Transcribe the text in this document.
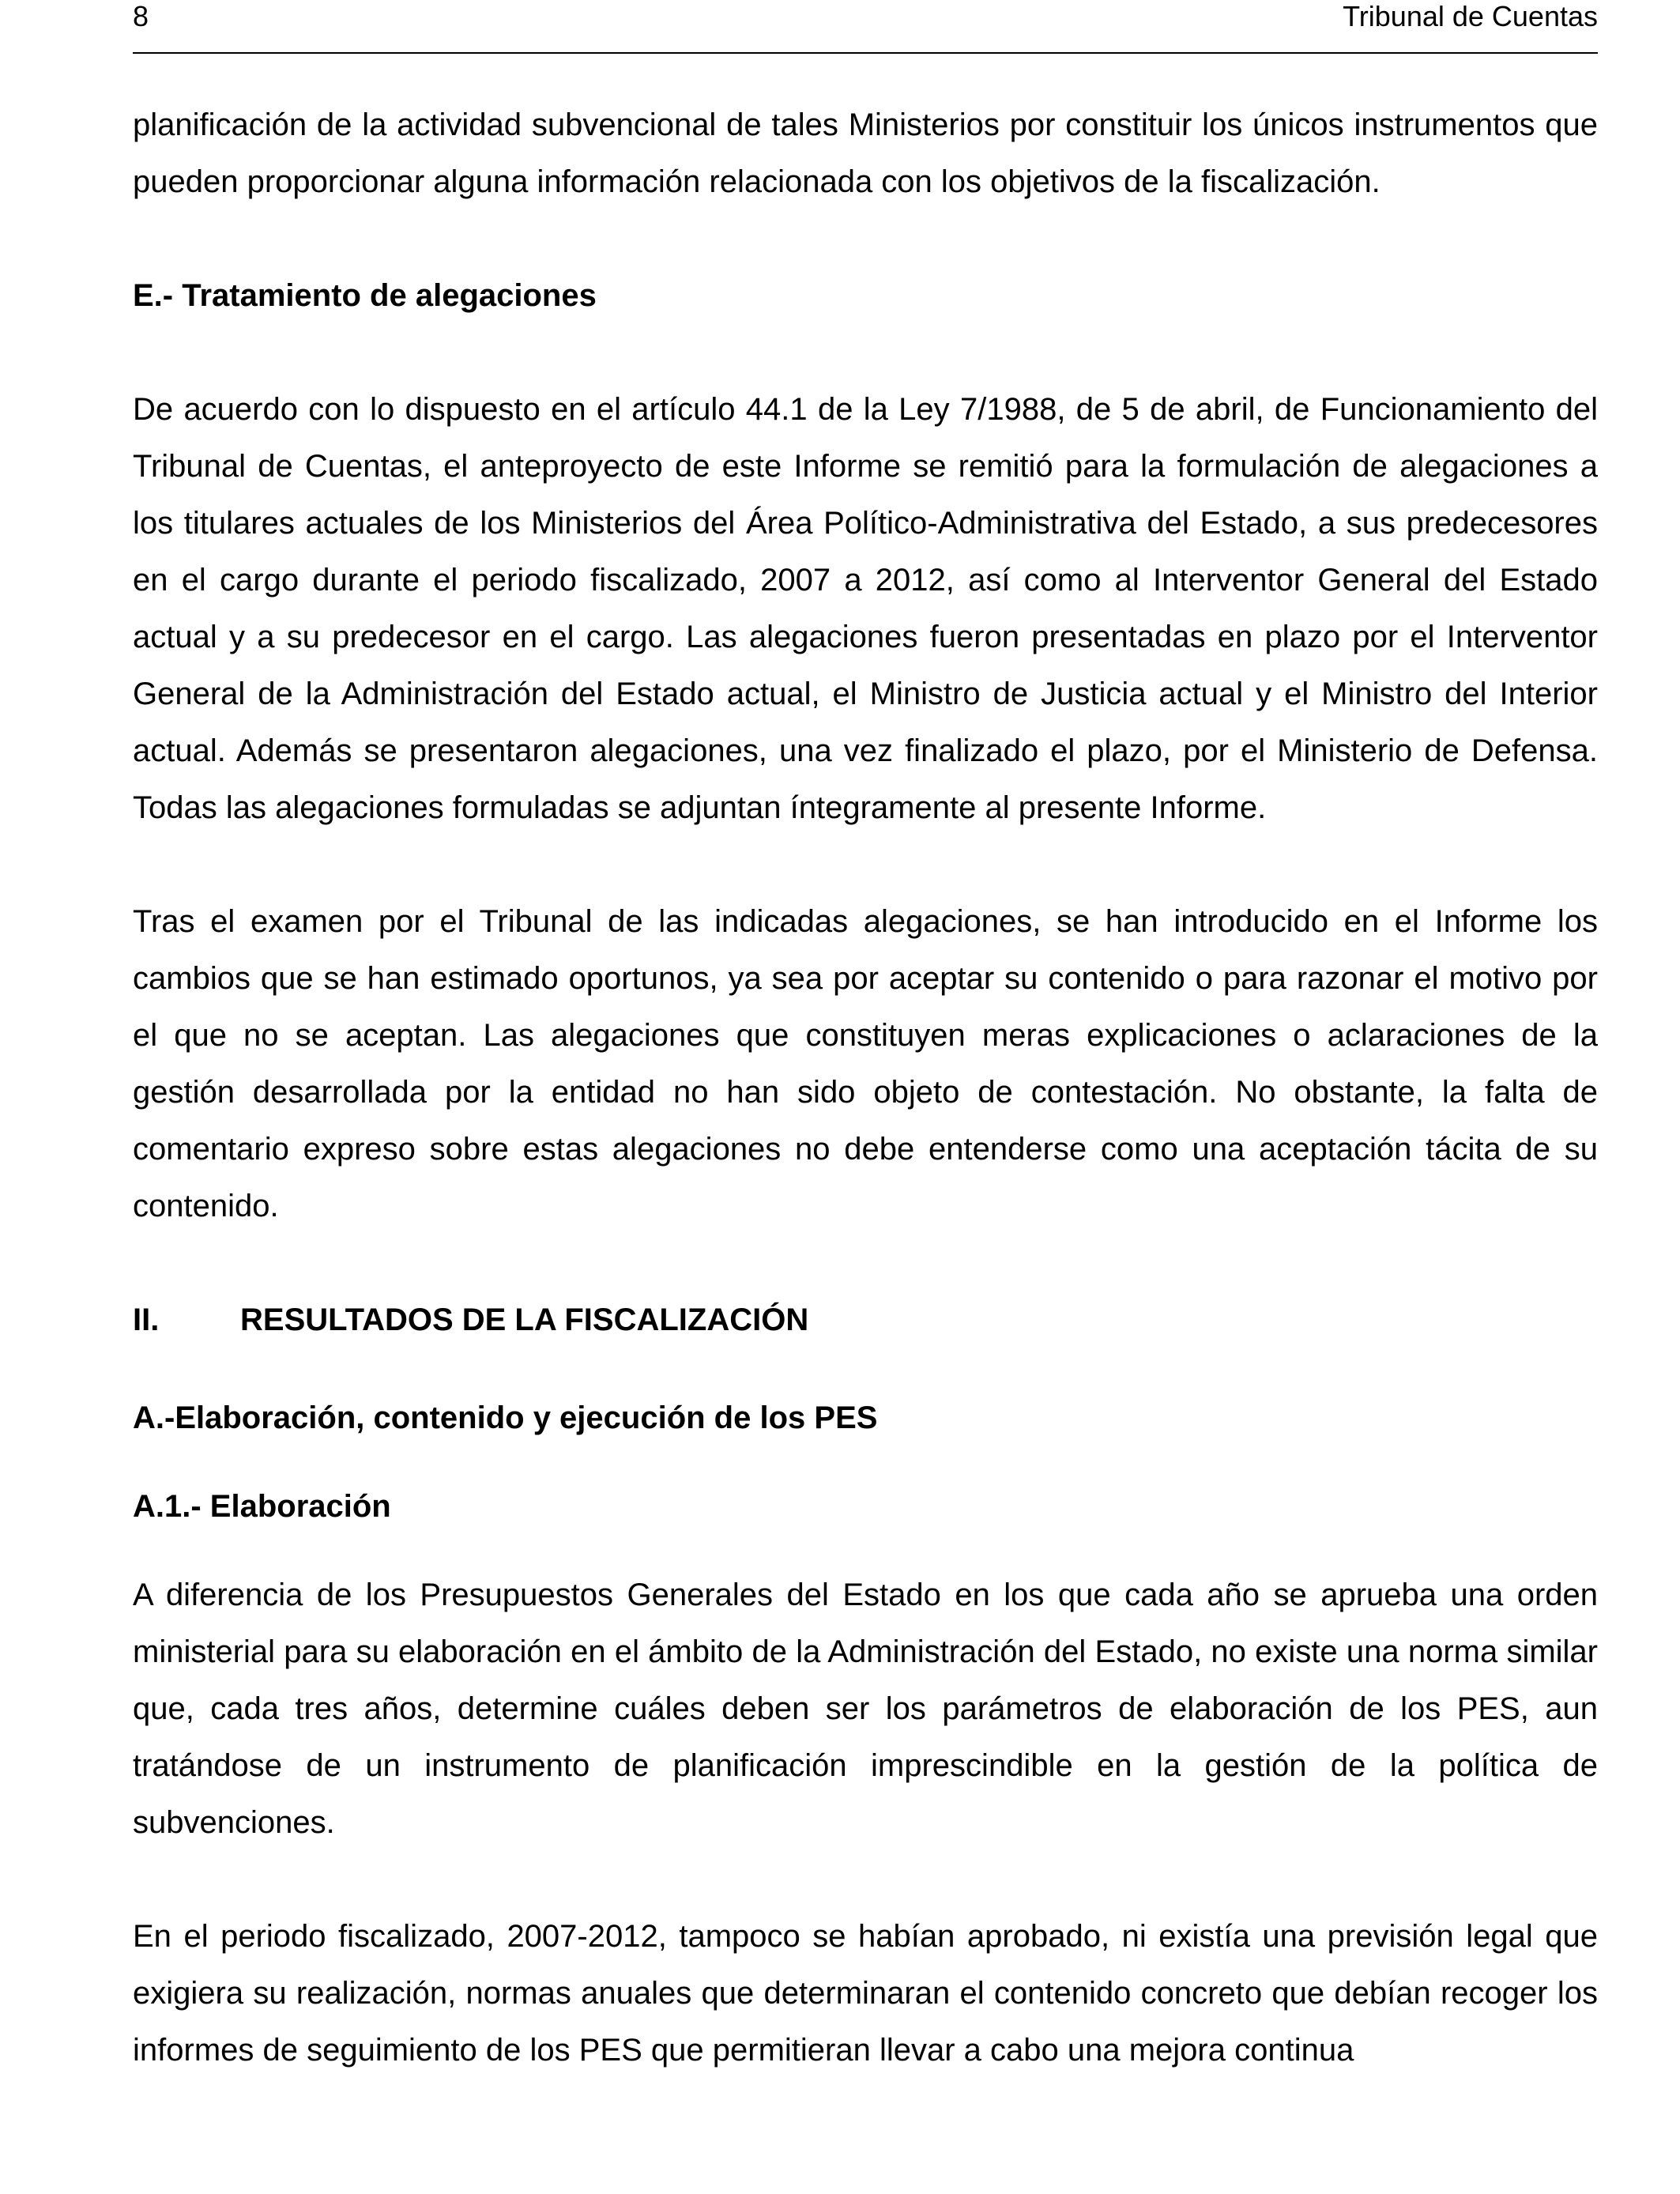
8	Tribunal de Cuentas

planificación de la actividad subvencional de tales Ministerios por constituir los únicos instrumentos que pueden proporcionar alguna información relacionada con los objetivos de la fiscalización.

E.- Tratamiento de alegaciones

De acuerdo con lo dispuesto en el artículo 44.1 de la Ley 7/1988, de 5 de abril, de Funcionamiento del Tribunal de Cuentas, el anteproyecto de este Informe se remitió para la formulación de alegaciones a los titulares actuales de los Ministerios del Área Político-Administrativa del Estado, a sus predecesores en el cargo durante el periodo fiscalizado, 2007 a 2012, así como al Interventor General del Estado actual y a su predecesor en el cargo. Las alegaciones fueron presentadas en plazo por el Interventor General de la Administración del Estado actual, el Ministro de Justicia actual y el Ministro del Interior actual. Además se presentaron alegaciones, una vez finalizado el plazo, por el Ministerio de Defensa. Todas las alegaciones formuladas se adjuntan íntegramente al presente Informe.

Tras el examen por el Tribunal de las indicadas alegaciones, se han introducido en el Informe los cambios que se han estimado oportunos, ya sea por aceptar su contenido o para razonar el motivo por el que no se aceptan. Las alegaciones que constituyen meras explicaciones o aclaraciones de la gestión desarrollada por la entidad no han sido objeto de contestación. No obstante, la falta de comentario expreso sobre estas alegaciones no debe entenderse como una aceptación tácita de su contenido.

II.	RESULTADOS DE LA FISCALIZACIÓN

A.-Elaboración, contenido y ejecución de los PES

A.1.- Elaboración

A diferencia de los Presupuestos Generales del Estado en los que cada año se aprueba una orden ministerial para su elaboración en el ámbito de la Administración del Estado, no existe una norma similar que, cada tres años, determine cuáles deben ser los parámetros de elaboración de los PES, aun tratándose de un instrumento de planificación imprescindible en la gestión de la política de subvenciones.

En el periodo fiscalizado, 2007-2012, tampoco se habían aprobado, ni existía una previsión legal que exigiera su realización, normas anuales que determinaran el contenido concreto que debían recoger los informes de seguimiento de los PES que permitieran llevar a cabo una mejora continua
